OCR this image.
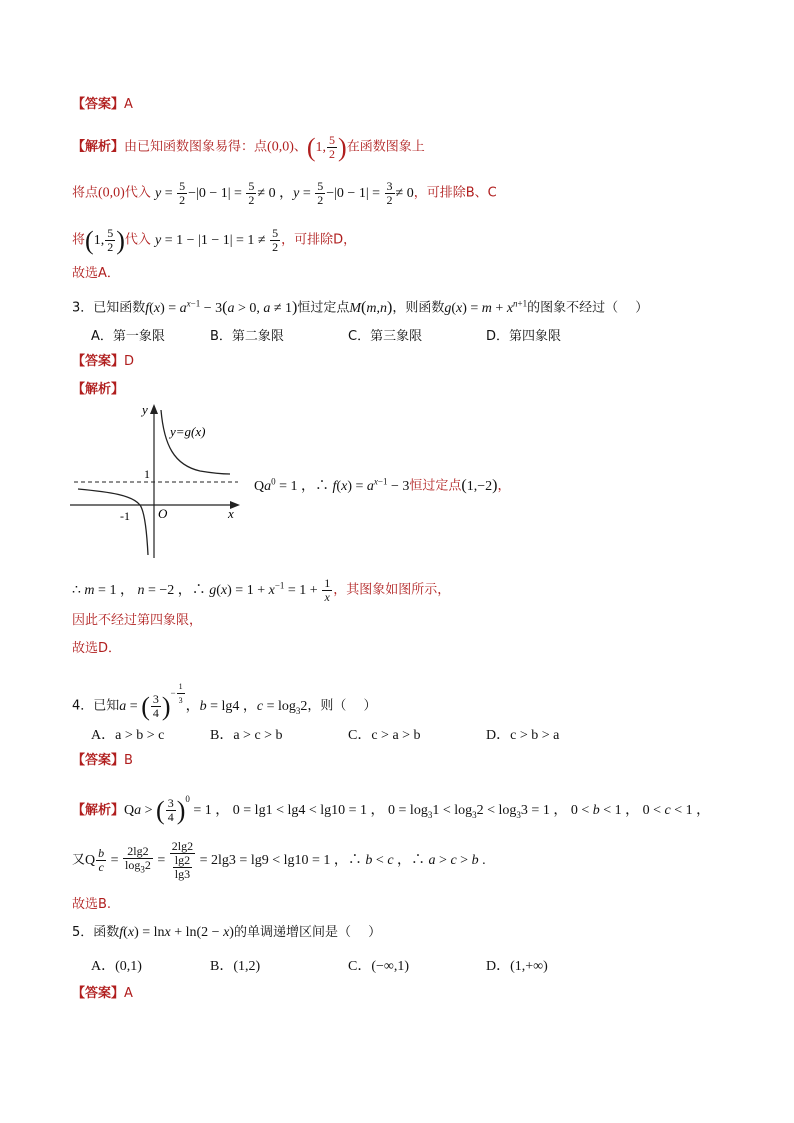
【答案】A
【解析】由已知函数图象易得：点(0,0)、(1, $\frac{5}{2}$ )在函数图象上
将点(0,0)代入 $y = \frac{5}{2} -|0 - 1| = \frac{5}{2} \ne 0$ ，$y = \frac{5}{2} -|0 - 1| = \frac{3}{2} \ne 0$，可排除B、C
将(1, $\frac{5}{2}$ )代入 $y = 1 - |1 - 1| = 1 \ne \frac{5}{2}$ ，可排除D，
故选A．
3．已知函数$f(x) = a^{x-1} - 3(a > 0$, a ≠ 1)恒过定点M(m,n)，则函数$g(x) = m + x^{n+1}$的图象不经过（　 ）
A．第一象限	B．第二象限	C．第三象限	D．第四象限
【答案】D
【解析】
y
x
O
1
-1
y=g(x)
$Qa^0 = 1$ ，∴ $f(x) = a^{x-1} - 3$恒过定点(1,−2)，
∴ m = 1 ， n = −2 ，∴ $g(x) = 1 + x^{-1} = 1 + \frac{1}{x}$ ，其图象如图所示，
因此不经过第四象限，
故选D．
4．已知a = ( $\frac{3}{4} )^{- \frac{1}{3}}$ ，b = lg4 ，$c = \log_32$，则（　 ）
A．a > b > c	B．a > c > b	C．c > a > b	D．c > b > a
【答案】B
【解析】Qa > ( $\frac{3}{4} )^0 = 1$ ， 0 = lg1 < lg4 < lg10 = 1 ， $0 = \log_31 < \log_32 < \log_33 = 1$ ， 0 < b < 1 ， 0 < c < 1 ，
又Q $\frac{b}{c} = \frac{2\lg 2}{\log_32} = \frac{2\lg 2}{\frac{\lg 2}{\lg 3}} = 2\lg 3 = \lg 9 < \lg 10 = 1$ ，∴ b < c ，∴ a > c > b .
故选B.
5．函数f(x) = lnx + ln(2 − x)的单调递增区间是（　 ）
A．(0,1)	B．(1,2)	C．(−∞,1)	D．(1,+∞)
【答案】A
